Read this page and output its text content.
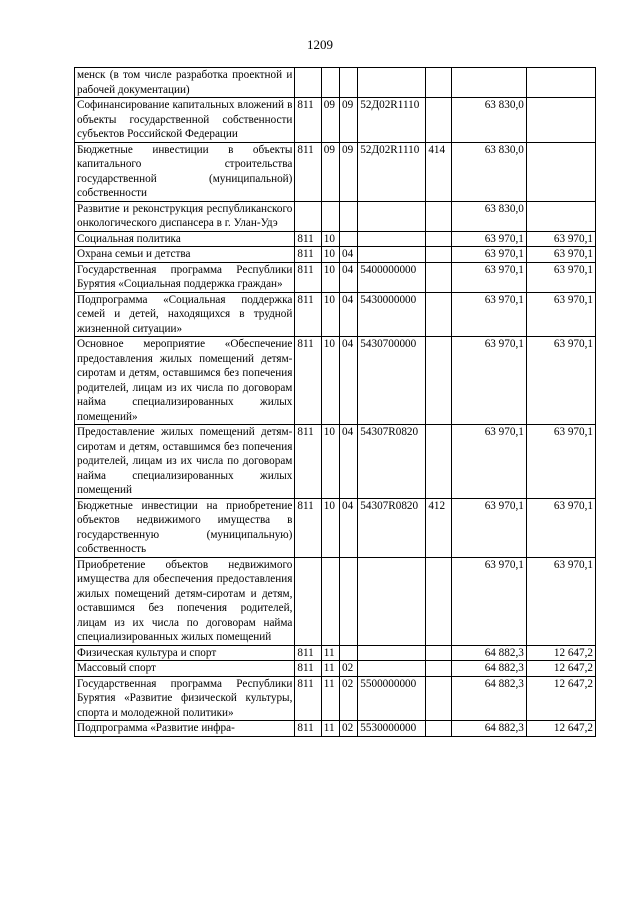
1209
менск (в том числе разработка проектной и рабочей документации)							
Софинансирование капитальных вложений в объекты государственной собственности субъектов Российской Федерации	811	09	09	52Д02R1110		63 830,0	
Бюджетные инвестиции в объекты капитального строительства государственной (муниципальной) собственности	811	09	09	52Д02R1110	414	63 830,0	
Развитие и реконструкция республиканского онкологического диспансера в г. Улан-Удэ						63 830,0	
Социальная политика	811	10				63 970,1	63 970,1
Охрана семьи и детства	811	10	04			63 970,1	63 970,1
Государственная программа Республики Бурятия «Социальная поддержка граждан»	811	10	04	5400000000		63 970,1	63 970,1
Подпрограмма «Социальная поддержка семей и детей, находящихся в трудной жизненной ситуации»	811	10	04	5430000000		63 970,1	63 970,1
Основное мероприятие «Обеспечение предоставления жилых помещений детям-сиротам и детям, оставшимся без попечения родителей, лицам из их числа по договорам найма специализированных жилых помещений»	811	10	04	5430700000		63 970,1	63 970,1
Предоставление жилых помещений детям-сиротам и детям, оставшимся без попечения родителей, лицам из их числа по договорам найма специализированных жилых помещений	811	10	04	54307R0820		63 970,1	63 970,1
Бюджетные инвестиции на приобретение объектов недвижимого имущества в государственную (муниципальную) собственность	811	10	04	54307R0820	412	63 970,1	63 970,1
Приобретение объектов недвижимого имущества для обеспечения предоставления жилых помещений детям-сиротам и детям, оставшимся без попечения родителей, лицам из их числа по договорам найма специализированных жилых помещений						63 970,1	63 970,1
Физическая культура и спорт	811	11				64 882,3	12 647,2
Массовый спорт	811	11	02			64 882,3	12 647,2
Государственная программа Республики Бурятия «Развитие физической культуры, спорта и молодежной политики»	811	11	02	5500000000		64 882,3	12 647,2
Подпрограмма «Развитие инфра-	811	11	02	5530000000		64 882,3	12 647,2
